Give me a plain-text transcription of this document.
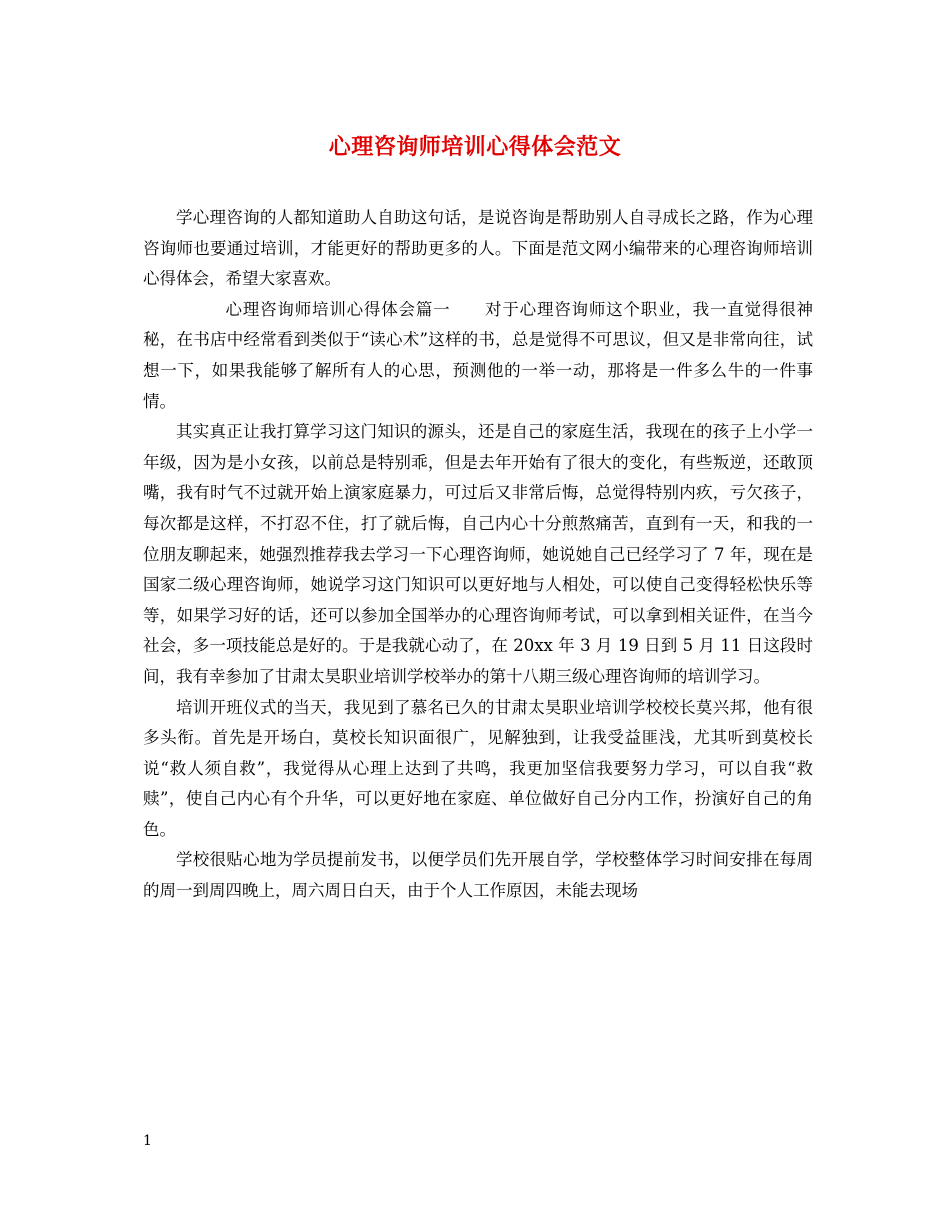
心理咨询师培训心得体会范文

学心理咨询的人都知道助人自助这句话，是说咨询是帮助别人自寻成长之路，作为心理咨询师也要通过培训，才能更好的帮助更多的人。下面是范文网小编带来的心理咨询师培训心得体会，希望大家喜欢。

心理咨询师培训心得体会篇一　　对于心理咨询师这个职业，我一直觉得很神秘，在书店中经常看到类似于“读心术”这样的书，总是觉得不可思议，但又是非常向往，试想一下，如果我能够了解所有人的心思，预测他的一举一动，那将是一件多么牛的一件事情。

其实真正让我打算学习这门知识的源头，还是自己的家庭生活，我现在的孩子上小学一年级，因为是小女孩，以前总是特别乖，但是去年开始有了很大的变化，有些叛逆，还敢顶嘴，我有时气不过就开始上演家庭暴力，可过后又非常后悔，总觉得特别内疚，亏欠孩子，每次都是这样，不打忍不住，打了就后悔，自己内心十分煎熬痛苦，直到有一天，和我的一位朋友聊起来，她强烈推荐我去学习一下心理咨询师，她说她自己已经学习了 7 年，现在是国家二级心理咨询师，她说学习这门知识可以更好地与人相处，可以使自己变得轻松快乐等等，如果学习好的话，还可以参加全国举办的心理咨询师考试，可以拿到相关证件，在当今社会，多一项技能总是好的。于是我就心动了，在 20xx 年 3 月 19 日到 5 月 11 日这段时间，我有幸参加了甘肃太昊职业培训学校举办的第十八期三级心理咨询师的培训学习。

培训开班仪式的当天，我见到了慕名已久的甘肃太昊职业培训学校校长莫兴邦，他有很多头衔。首先是开场白，莫校长知识面很广，见解独到，让我受益匪浅，尤其听到莫校长说“救人须自救”，我觉得从心理上达到了共鸣，我更加坚信我要努力学习，可以自我“救赎”，使自己内心有个升华，可以更好地在家庭、单位做好自己分内工作，扮演好自己的角色。

学校很贴心地为学员提前发书，以便学员们先开展自学，学校整体学习时间安排在每周的周一到周四晚上，周六周日白天，由于个人工作原因，未能去现场

1
